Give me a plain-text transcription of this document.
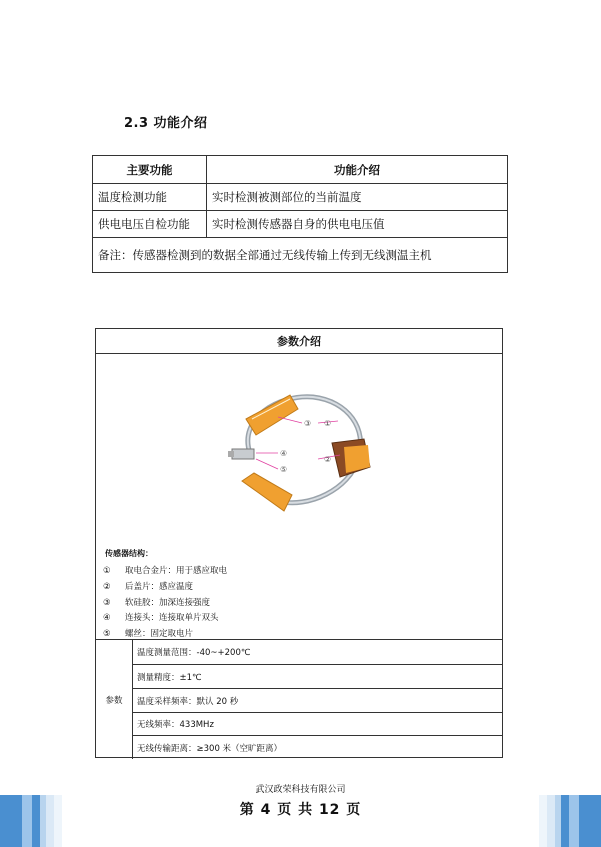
2.3 功能介绍
主要功能	功能介绍
温度检测功能	实时检测被测部位的当前温度
供电电压自检功能	实时检测传感器自身的供电电压值
备注：传感器检测到的数据全部通过无线传输上传到无线测温主机	
参数介绍
③ ①
④
②
⑤
传感器结构：
① 取电合金片：用于感应取电
② 后盖片：感应温度
③ 软硅胶：加深连接强度
④ 连接头：连接取单片双头
⑤ 螺丝：固定取电片
参数
温度测量范围：-40~+200℃
测量精度：±1℃
温度采样频率：默认 20 秒
无线频率：433MHz
无线传输距离：≥300 米（空旷距离）
武汉政荣科技有限公司
第 4 页 共 12 页
